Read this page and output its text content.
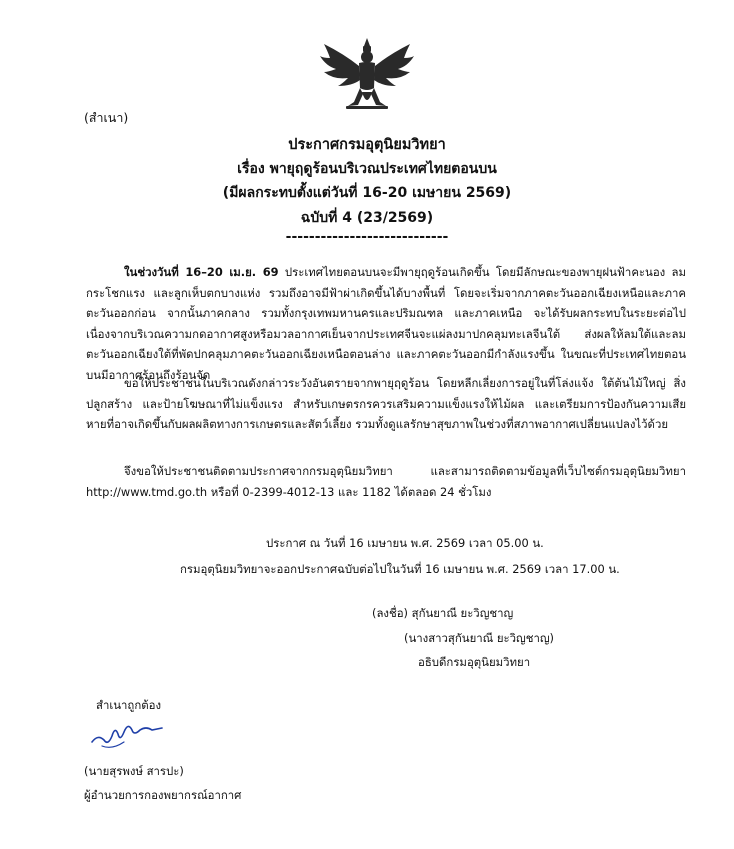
(สำเนา)
ประกาศกรมอุตุนิยมวิทยา
เรื่อง พายุฤดูร้อนบริเวณประเทศไทยตอนบน
(มีผลกระทบตั้งแต่วันที่ 16-20 เมษายน 2569)
ฉบับที่ 4 (23/2569)
----------------------------
ในช่วงวันที่ 16–20 เม.ย. 69 ประเทศไทยตอนบนจะมีพายุฤดูร้อนเกิดขึ้น โดยมีลักษณะของพายุฝนฟ้าคะนอง ลมกระโชกแรง และลูกเห็บตกบางแห่ง รวมถึงอาจมีฟ้าผ่าเกิดขึ้นได้บางพื้นที่ โดยจะเริ่มจากภาคตะวันออกเฉียงเหนือและภาคตะวันออกก่อน จากนั้นภาคกลาง รวมทั้งกรุงเทพมหานครและปริมณฑล และภาคเหนือ จะได้รับผลกระทบในระยะต่อไป เนื่องจากบริเวณความกดอากาศสูงหรือมวลอากาศเย็นจากประเทศจีนจะแผ่ลงมาปกคลุมทะเลจีนใต้ ส่งผลให้ลมใต้และลมตะวันออกเฉียงใต้ที่พัดปกคลุมภาคตะวันออกเฉียงเหนือตอนล่าง และภาคตะวันออกมีกำลังแรงขึ้น ในขณะที่ประเทศไทยตอนบนมีอากาศร้อนถึงร้อนจัด
ขอให้ประชาชนในบริเวณดังกล่าวระวังอันตรายจากพายุฤดูร้อน โดยหลีกเลี่ยงการอยู่ในที่โล่งแจ้ง ใต้ต้นไม้ใหญ่ สิ่งปลูกสร้าง และป้ายโฆษณาที่ไม่แข็งแรง สำหรับเกษตรกรควรเสริมความแข็งแรงให้ไม้ผล และเตรียมการป้องกันความเสียหายที่อาจเกิดขึ้นกับผลผลิตทางการเกษตรและสัตว์เลี้ยง รวมทั้งดูแลรักษาสุขภาพในช่วงที่สภาพอากาศเปลี่ยนแปลงไว้ด้วย
จึงขอให้ประชาชนติดตามประกาศจากกรมอุตุนิยมวิทยา และสามารถติดตามข้อมูลที่เว็บไซต์กรมอุตุนิยมวิทยา http://www.tmd.go.th หรือที่ 0-2399-4012-13 และ 1182 ได้ตลอด 24 ชั่วโมง
ประกาศ ณ วันที่ 16 เมษายน พ.ศ. 2569 เวลา 05.00 น.
กรมอุตุนิยมวิทยาจะออกประกาศฉบับต่อไปในวันที่ 16 เมษายน พ.ศ. 2569 เวลา 17.00 น.
(ลงชื่อ) สุกันยาณี ยะวิญชาญ
(นางสาวสุกันยาณี ยะวิญชาญ)
อธิบดีกรมอุตุนิยมวิทยา
สำเนาถูกต้อง
(นายสุรพงษ์ สารปะ)
ผู้อำนวยการกองพยากรณ์อากาศ
